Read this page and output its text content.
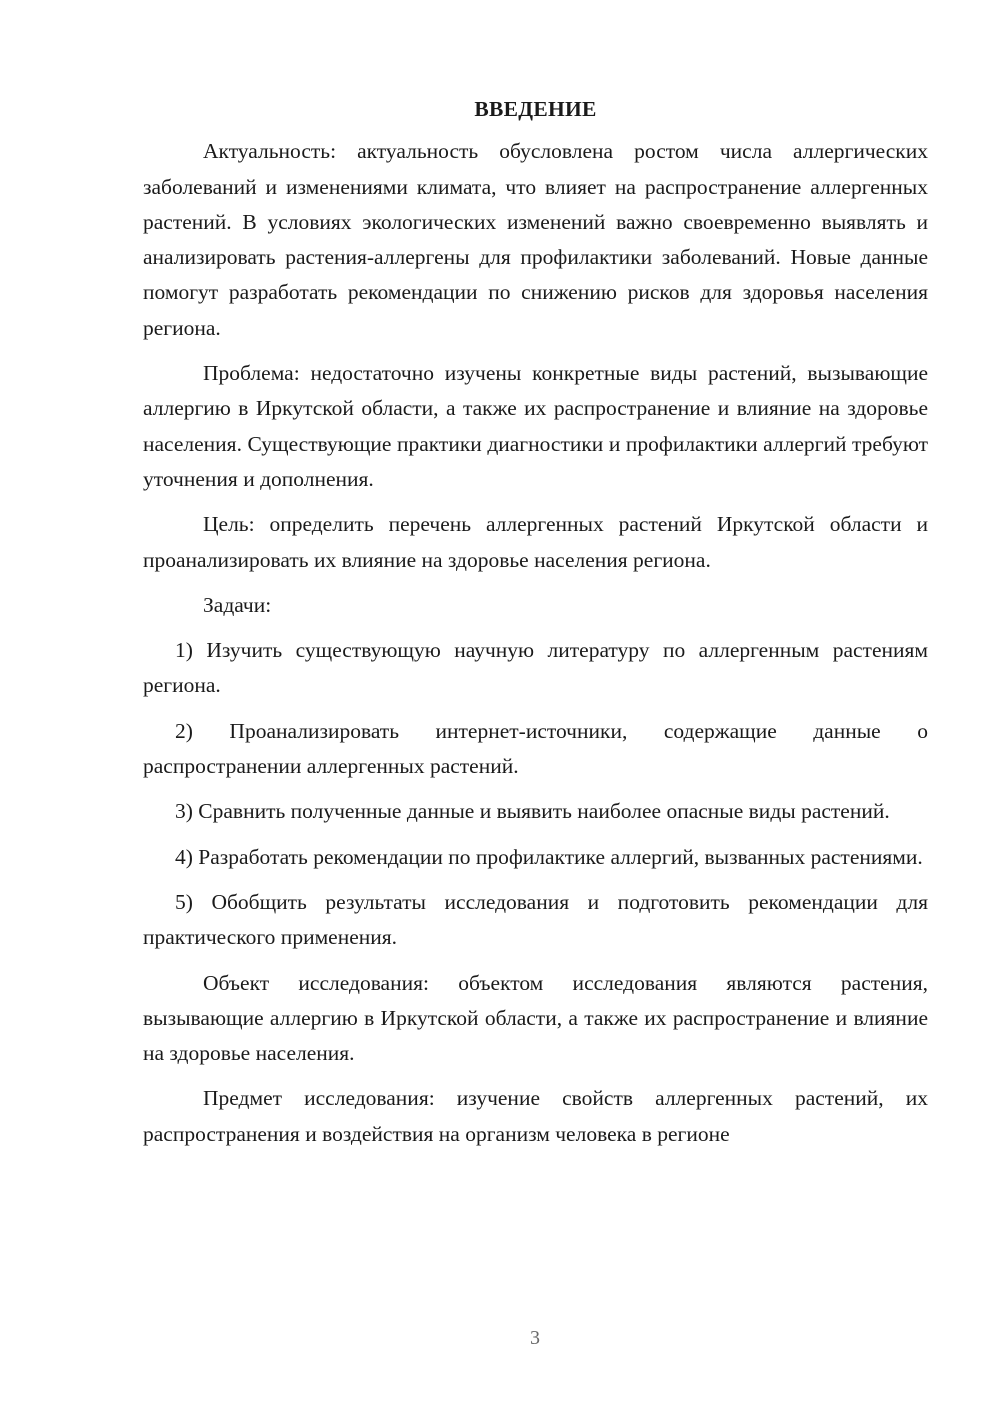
ВВЕДЕНИЕ

Актуальность: актуальность обусловлена ростом числа аллергических заболеваний и изменениями климата, что влияет на распространение аллергенных растений. В условиях экологических изменений важно своевременно выявлять и анализировать растения-аллергены для профилактики заболеваний. Новые данные помогут разработать рекомендации по снижению рисков для здоровья населения региона.

Проблема: недостаточно изучены конкретные виды растений, вызывающие аллергию в Иркутской области, а также их распространение и влияние на здоровье населения. Существующие практики диагностики и профилактики аллергий требуют уточнения и дополнения.

Цель: определить перечень аллергенных растений Иркутской области и проанализировать их влияние на здоровье населения региона.

Задачи:

1) Изучить существующую научную литературу по аллергенным растениям региона.

2) Проанализировать интернет-источники, содержащие данные о распространении аллергенных растений.

3) Сравнить полученные данные и выявить наиболее опасные виды растений.

4) Разработать рекомендации по профилактике аллергий, вызванных растениями.

5) Обобщить результаты исследования и подготовить рекомендации для практического применения.

Объект исследования: объектом исследования являются растения, вызывающие аллергию в Иркутской области, а также их распространение и влияние на здоровье населения.

Предмет исследования: изучение свойств аллергенных растений, их распространения и воздействия на организм человека в регионе

3
